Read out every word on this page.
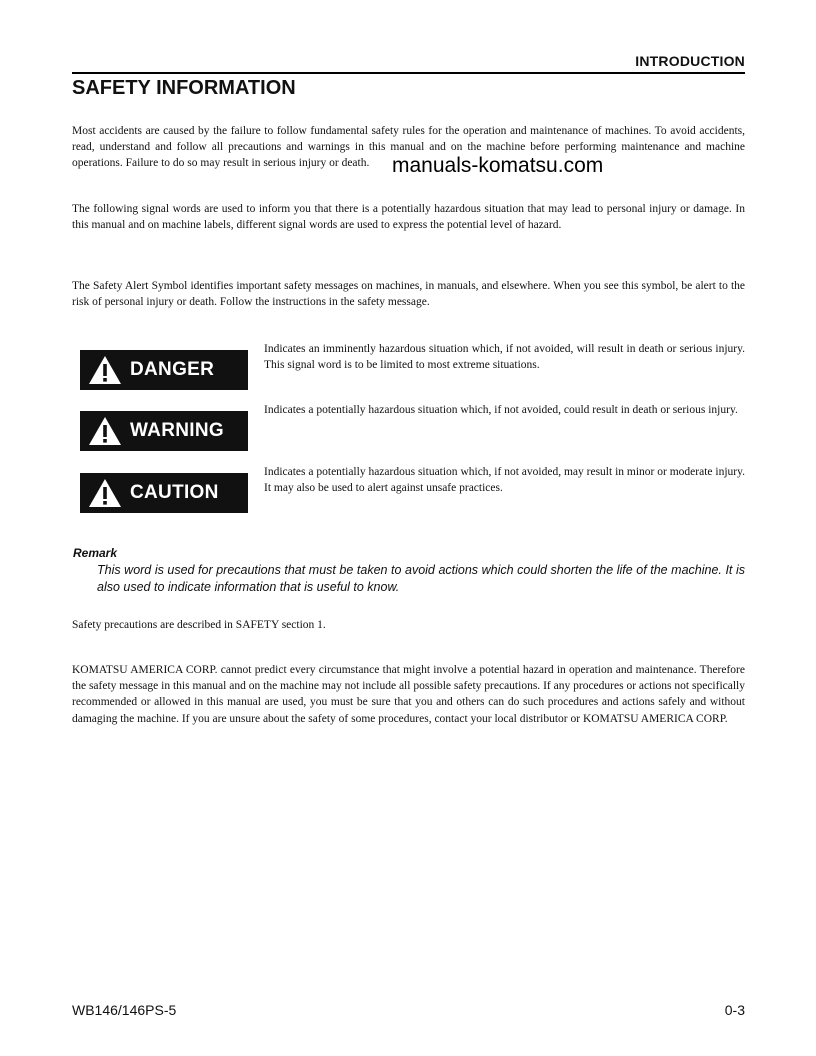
INTRODUCTION
SAFETY INFORMATION
Most accidents are caused by the failure to follow fundamental safety rules for the operation and maintenance of machines. To avoid accidents, read, understand and follow all precautions and warnings in this manual and on the machine before performing maintenance and machine operations. Failure to do so may result in serious injury or death.	manuals-komatsu.com
The following signal words are used to inform you that there is a potentially hazardous situation that may lead to personal injury or damage. In this manual and on machine labels, different signal words are used to express the potential level of hazard.
The Safety Alert Symbol identifies important safety messages on machines, in manuals, and elsewhere. When you see this symbol, be alert to the risk of personal injury or death. Follow the instructions in the safety message.
DANGER
Indicates an imminently hazardous situation which, if not avoided, will result in death or serious injury. This signal word is to be limited to most extreme situations.
WARNING
Indicates a potentially hazardous situation which, if not avoided, could result in death or serious injury.
CAUTION
Indicates a potentially hazardous situation which, if not avoided, may result in minor or moderate injury. It may also be used to alert against unsafe practices.
Remark
This word is used for precautions that must be taken to avoid actions which could shorten the life of the machine. It is also used to indicate information that is useful to know.
Safety precautions are described in SAFETY section 1.
KOMATSU AMERICA CORP. cannot predict every circumstance that might involve a potential hazard in operation and maintenance. Therefore the safety message in this manual and on the machine may not include all possible safety precautions. If any procedures or actions not specifically recommended or allowed in this manual are used, you must be sure that you and others can do such procedures and actions safely and without damaging the machine. If you are unsure about the safety of some procedures, contact your local distributor or KOMATSU AMERICA CORP.
WB146/146PS-5	0-3
